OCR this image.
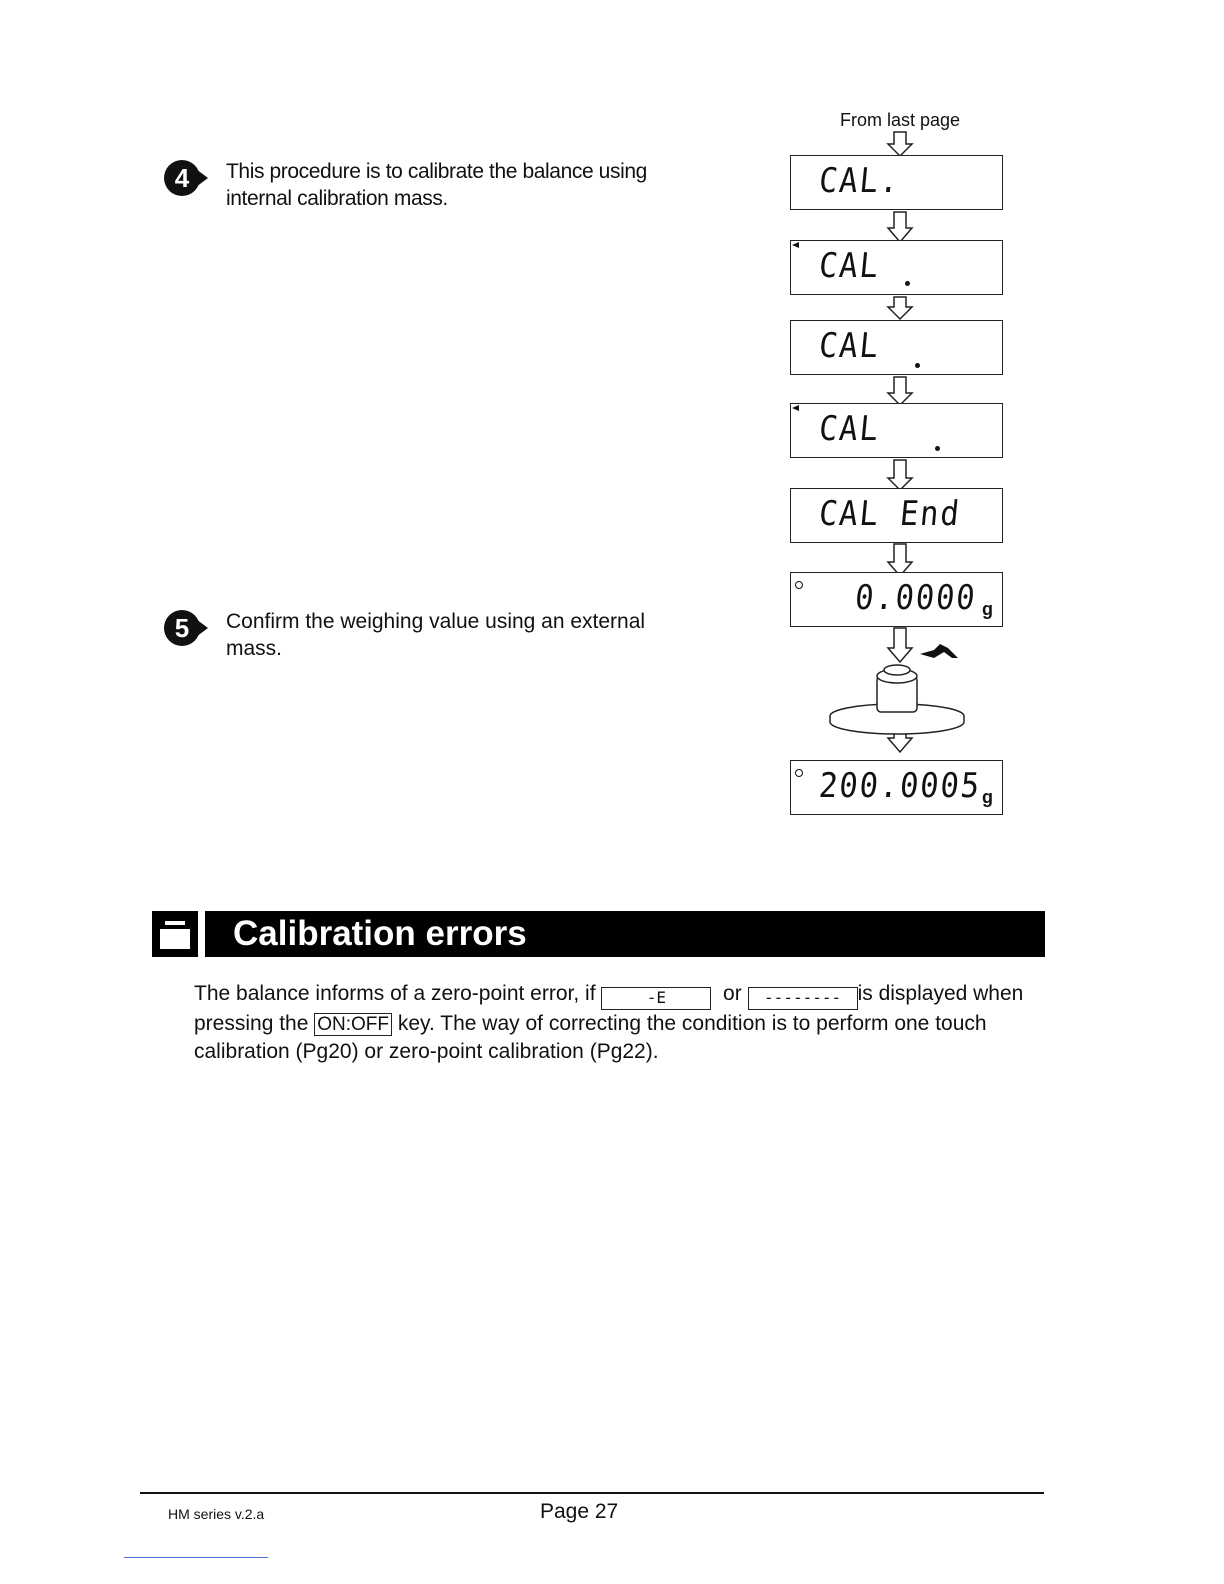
4 This procedure is to calibrate the balance using internal calibration mass.
5 Confirm the weighing value using an external mass.
From last page
CAL.
CAL
CAL
CAL
CAL End
0.0000 g
200.0005 g
Calibration errors
The balance informs of a zero-point error, if	-E	or -------- is displayed when pressing the ON:OFF key. The way of correcting the condition is to perform one touch calibration (Pg20) or zero-point calibration (Pg22).
HM series v.2.a	Page 27
